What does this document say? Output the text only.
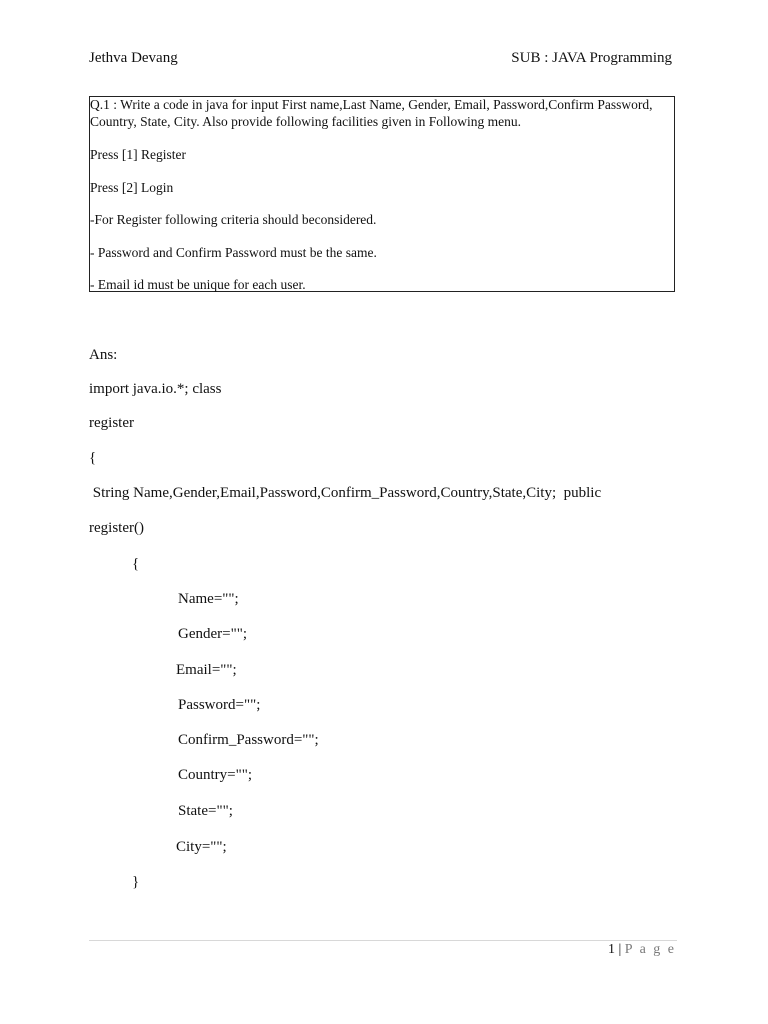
Jethva Devang	SUB : JAVA Programming
Q.1 : Write a code in java for input First name,Last Name, Gender, Email, Password,Confirm Password, Country, State, City. Also provide following facilities given in Following menu.
Press [1] Register
Press [2] Login
-For Register following criteria should beconsidered.
- Password and Confirm Password must be the same.
- Email id must be unique for each user.
Ans:
import java.io.*; class
register
{
String Name,Gender,Email,Password,Confirm_Password,Country,State,City;  public
register()
{
Name="";
Gender="";
Email="";
Password="";
Confirm_Password="";
Country="";
State="";
City="";
}
1 | P a g e
